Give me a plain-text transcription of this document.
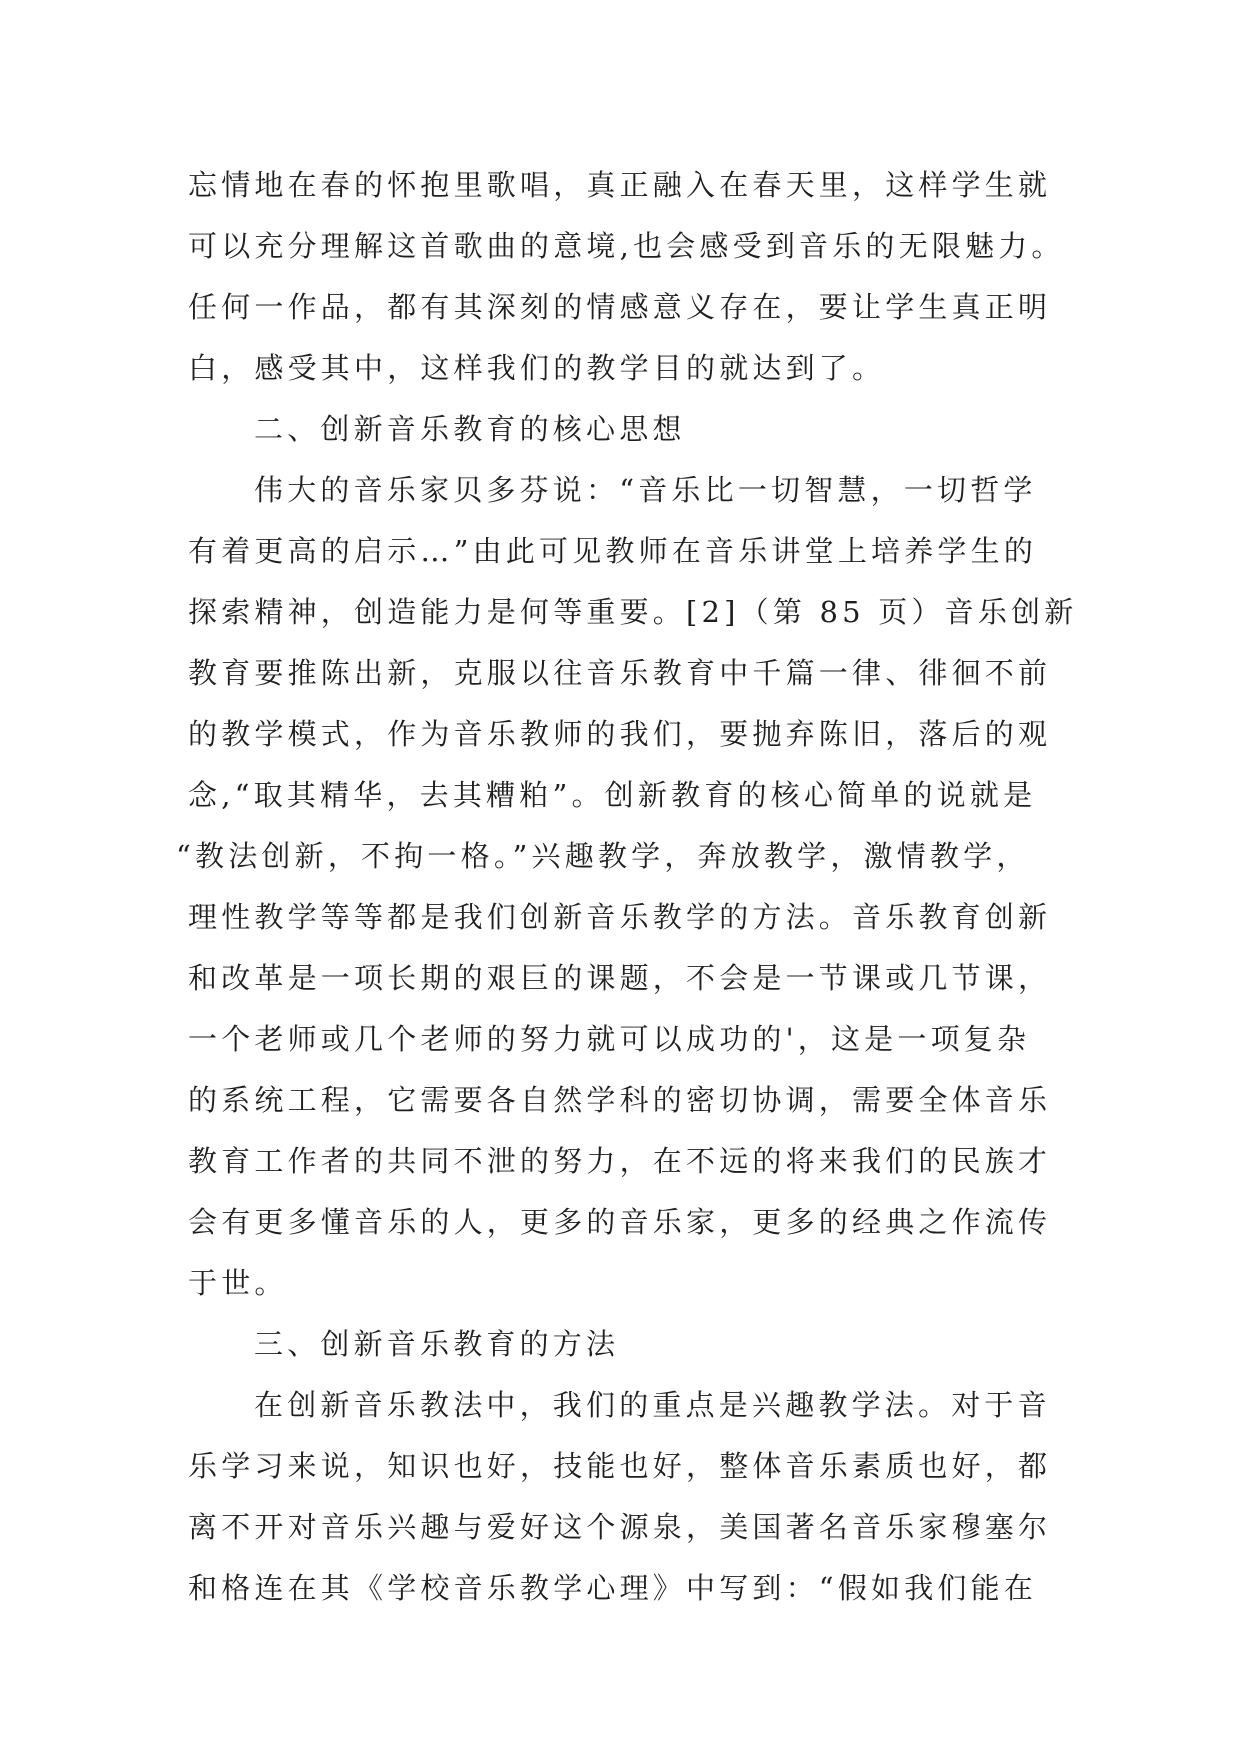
忘情地在春的怀抱里歌唱，真正融入在春天里，这样学生就
可以充分理解这首歌曲的意境,也会感受到音乐的无限魅力。
任何一作品，都有其深刻的情感意义存在，要让学生真正明
白，感受其中，这样我们的教学目的就达到了。
二、创新音乐教育的核心思想
伟大的音乐家贝多芬说：“音乐比一切智慧，一切哲学
有着更高的启示…”由此可见教师在音乐讲堂上培养学生的
探索精神，创造能力是何等重要。[2]（第 85 页）音乐创新
教育要推陈出新，克服以往音乐教育中千篇一律、徘徊不前
的教学模式，作为音乐教师的我们，要抛弃陈旧，落后的观
念,“取其精华，去其糟粕”。创新教育的核心简单的说就是
“教法创新，不拘一格。”兴趣教学，奔放教学，激情教学，
理性教学等等都是我们创新音乐教学的方法。音乐教育创新
和改革是一项长期的艰巨的课题，不会是一节课或几节课，
一个老师或几个老师的努力就可以成功的'，这是一项复杂
的系统工程，它需要各自然学科的密切协调，需要全体音乐
教育工作者的共同不泄的努力，在不远的将来我们的民族才
会有更多懂音乐的人，更多的音乐家，更多的经典之作流传
于世。
三、创新音乐教育的方法
在创新音乐教法中，我们的重点是兴趣教学法。对于音
乐学习来说，知识也好，技能也好，整体音乐素质也好，都
离不开对音乐兴趣与爱好这个源泉，美国著名音乐家穆塞尔
和格连在其《学校音乐教学心理》中写到：“假如我们能在
